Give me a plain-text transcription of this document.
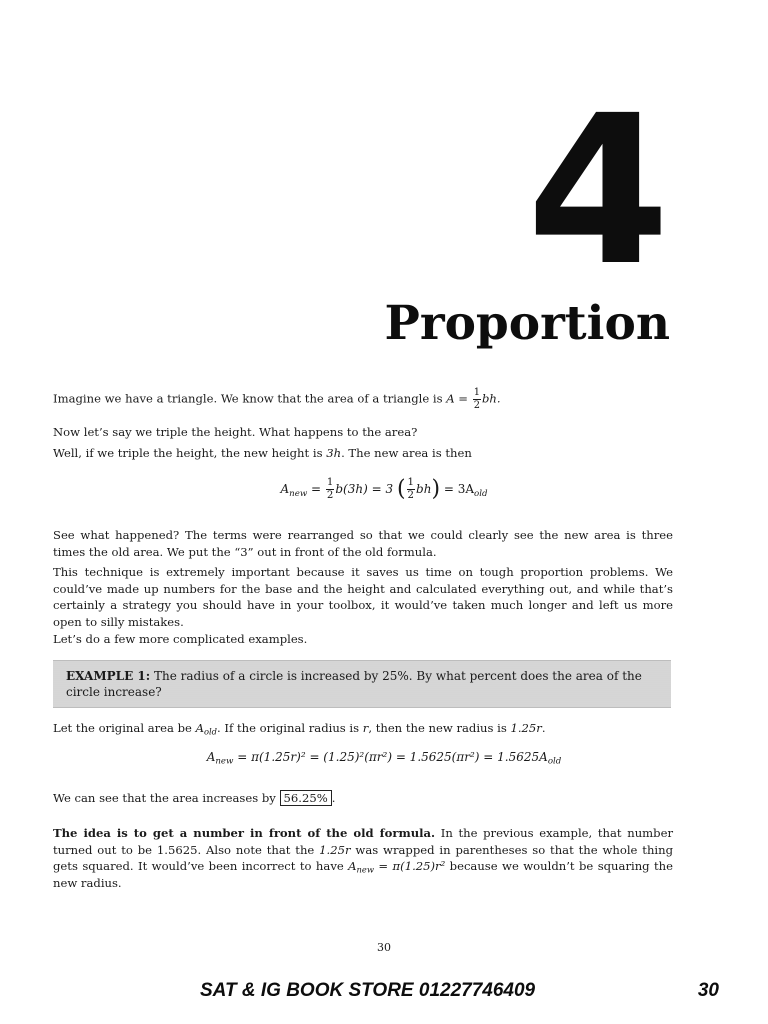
4
Proportion

Imagine we have a triangle. We know that the area of a triangle is $A = \frac{1}{2}$ bh.

Now let’s say we triple the height. What happens to the area?

Well, if we triple the height, the new height is 3h. The new area is then

$A_{new} = \frac{1}{2} b(3h) = 3$ ( $\frac{1}{2} bh) = 3A_{old}$

See what happened? The terms were rearranged so that we could clearly see the new area is three times the old area. We put the “3” out in front of the old formula.

This technique is extremely important because it saves us time on tough proportion problems. We could’ve made up numbers for the base and the height and calculated everything out, and while that’s certainly a strategy you should have in your toolbox, it would’ve taken much longer and left us more open to silly mistakes.

Let’s do a few more complicated examples.

EXAMPLE 1: The radius of a circle is increased by 25%. By what percent does the area of the circle increase?

Let the original area be $A_{old}$. If the original radius is r, then the new radius is 1.25r.

$A_{new} = \pi(1.25r)^2 = (1.25)^2(\pi r^2) = 1.5625(\pi r^2) = 1.5625A_{old}$

We can see that the area increases by 56.25% .

The idea is to get a number in front of the old formula. In the previous example, that number turned out to be 1.5625. Also note that the 1.25r was wrapped in parentheses so that the whole thing gets squared. It would’ve been incorrect to have $A_{new} = \pi(1.25)r^2$ because we wouldn’t be squaring the new radius.

30
SAT & IG BOOK STORE 01227746409	30
